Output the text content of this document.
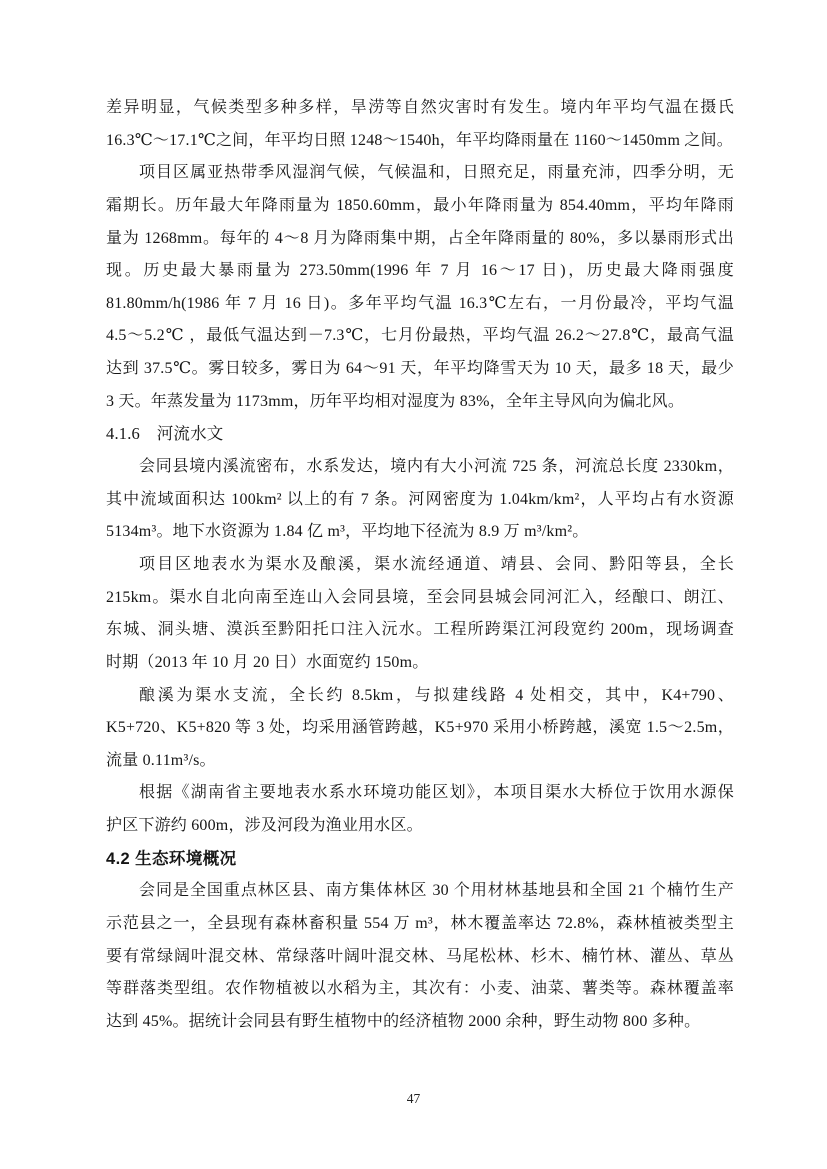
差异明显，气候类型多种多样，旱涝等自然灾害时有发生。境内年平均气温在摄氏
16.3℃～17.1℃之间，年平均日照 1248～1540h，年平均降雨量在 1160～1450mm 之间。
项目区属亚热带季风湿润气候，气候温和，日照充足，雨量充沛，四季分明，无
霜期长。历年最大年降雨量为 1850.60mm，最小年降雨量为 854.40mm，平均年降雨
量为 1268mm。每年的 4～8 月为降雨集中期，占全年降雨量的 80%，多以暴雨形式出
现。历史最大暴雨量为 273.50mm(1996 年 7 月 16～17 日)，历史最大降雨强度
81.80mm/h(1986 年 7 月 16 日)。多年平均气温 16.3℃左右，一月份最冷，平均气温
4.5～5.2℃ ，最低气温达到－7.3℃，七月份最热，平均气温 26.2～27.8℃，最高气温
达到 37.5℃。雾日较多，雾日为 64～91 天，年平均降雪天为 10 天，最多 18 天，最少
3 天。年蒸发量为 1173mm，历年平均相对湿度为 83%，全年主导风向为偏北风。
4.1.6　河流水文
会同县境内溪流密布，水系发达，境内有大小河流 725 条，河流总长度 2330km，
其中流域面积达 100km² 以上的有 7 条。河网密度为 1.04km/km²，人平均占有水资源
5134m³。地下水资源为 1.84 亿 m³，平均地下径流为 8.9 万 m³/km²。
项目区地表水为渠水及酿溪，渠水流经通道、靖县、会同、黔阳等县，全长
215km。渠水自北向南至连山入会同县境，至会同县城会同河汇入，经酿口、朗江、
东城、洞头塘、漠浜至黔阳托口注入沅水。工程所跨渠江河段宽约 200m，现场调查
时期（2013 年 10 月 20 日）水面宽约 150m。
酿溪为渠水支流，全长约 8.5km，与拟建线路 4 处相交，其中，K4+790、
K5+720、K5+820 等 3 处，均采用涵管跨越，K5+970 采用小桥跨越，溪宽 1.5～2.5m，
流量 0.11m³/s。
根据《湖南省主要地表水系水环境功能区划》，本项目渠水大桥位于饮用水源保
护区下游约 600m，涉及河段为渔业用水区。
4.2 生态环境概况
会同是全国重点林区县、南方集体林区 30 个用材林基地县和全国 21 个楠竹生产
示范县之一，全县现有森林畜积量 554 万 m³，林木覆盖率达 72.8%，森林植被类型主
要有常绿阔叶混交林、常绿落叶阔叶混交林、马尾松林、杉木、楠竹林、灌丛、草丛
等群落类型组。农作物植被以水稻为主，其次有：小麦、油菜、薯类等。森林覆盖率
达到 45%。据统计会同县有野生植物中的经济植物 2000 余种，野生动物 800 多种。
47
